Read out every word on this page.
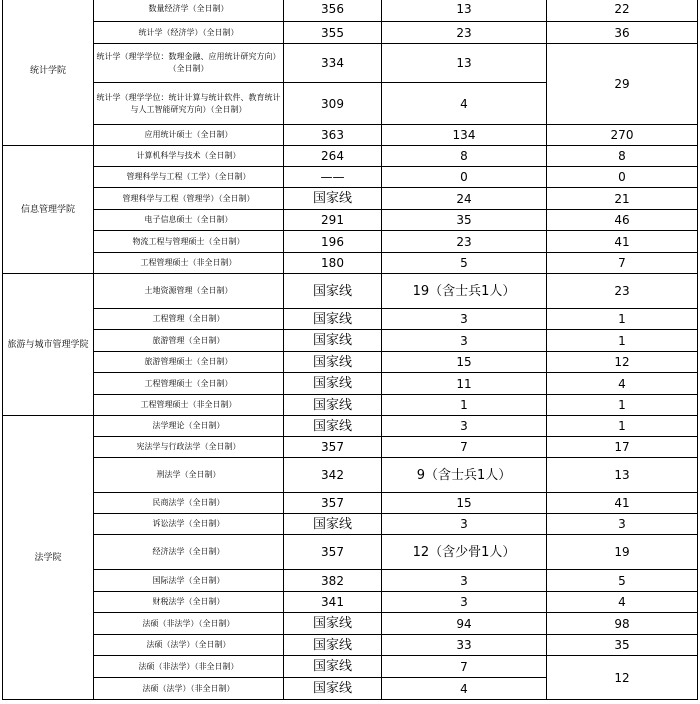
统计学院	数量经济学（全日制）	356	13	22
	统计学（经济学）（全日制）	355	23	36
	统计学（理学学位：数理金融、应用统计研究方向）（全日制）	334	13	29
	统计学（理学学位：统计计算与统计软件、教育统计与人工智能研究方向）（全日制）	309	4	
	应用统计硕士（全日制）	363	134	270
信息管理学院	计算机科学与技术（全日制）	264	8	8
	管理科学与工程（工学）（全日制）	——	0	0
	管理科学与工程（管理学）（全日制）	国家线	24	21
	电子信息硕士（全日制）	291	35	46
	物流工程与管理硕士（全日制）	196	23	41
	工程管理硕士（非全日制）	180	5	7
旅游与城市管理学院	土地资源管理（全日制）	国家线	19（含士兵1人）	23
	工程管理（全日制）	国家线	3	1
	旅游管理（全日制）	国家线	3	1
	旅游管理硕士（全日制）	国家线	15	12
	工程管理硕士（全日制）	国家线	11	4
	工程管理硕士（非全日制）	国家线	1	1
法学院	法学理论（全日制）	国家线	3	1
	宪法学与行政法学（全日制）	357	7	17
	刑法学（全日制）	342	9（含士兵1人）	13
	民商法学（全日制）	357	15	41
	诉讼法学（全日制）	国家线	3	3
	经济法学（全日制）	357	12（含少骨1人）	19
	国际法学（全日制）	382	3	5
	财税法学（全日制）	341	3	4
	法硕（非法学）（全日制）	国家线	94	98
	法硕（法学）（全日制）	国家线	33	35
	法硕（非法学）（非全日制）	国家线	7	12
	法硕（法学）（非全日制）	国家线	4	
